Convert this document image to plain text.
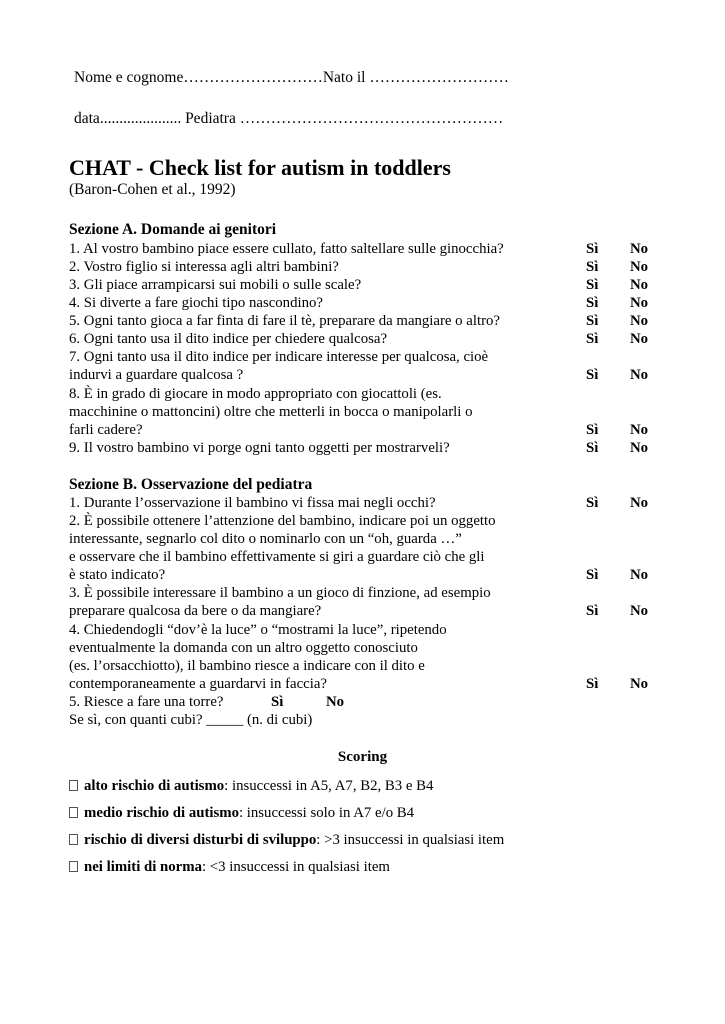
Nome e cognome………………………Nato il ………………………
data..................... Pediatra ……………………………………………
CHAT - Check list for autism in toddlers
(Baron-Cohen et al., 1992)
Sezione A. Domande ai genitori
1. Al vostro bambino piace essere cullato, fatto saltellare sulle ginocchia?	Sì No
2. Vostro figlio si interessa agli altri bambini?	Sì No
3. Gli piace arrampicarsi sui mobili o sulle scale?	Sì No
4. Si diverte a fare giochi tipo nascondino?	Sì No
5. Ogni tanto gioca a far finta di fare il tè, preparare da mangiare o altro?	Sì No
6. Ogni tanto usa il dito indice per chiedere qualcosa?	Sì No
7. Ogni tanto usa il dito indice per indicare interesse per qualcosa, cioè
indurvi a guardare qualcosa ?	Sì No
8. È in grado di giocare in modo appropriato con giocattoli (es.
macchinine o mattoncini) oltre che metterli in bocca o manipolarli o
farli cadere?	Sì No
9. Il vostro bambino vi porge ogni tanto oggetti per mostrarveli?	Sì No
Sezione B. Osservazione del pediatra
1. Durante l’osservazione il bambino vi fissa mai negli occhi?	Sì No
2. È possibile ottenere l’attenzione del bambino, indicare poi un oggetto
interessante, segnarlo col dito o nominarlo con un “oh, guarda …”
e osservare che il bambino effettivamente si giri a guardare ciò che gli
è stato indicato?	Sì No
3. È possibile interessare il bambino a un gioco di finzione, ad esempio
preparare qualcosa da bere o da mangiare?	Sì No
4. Chiedendogli “dov’è la luce” o “mostrami la luce”, ripetendo
eventualmente la domanda con un altro oggetto conosciuto
(es. l’orsacchiotto), il bambino riesce a indicare con il dito e
contemporaneamente a guardarvi in faccia?	Sì No
5. Riesce a fare una torre?	Sì	No
Se sì, con quanti cubi? _____ (n. di cubi)
Scoring
alto rischio di autismo: insuccessi in A5, A7, B2, B3 e B4
medio rischio di autismo: insuccessi solo in A7 e/o B4
rischio di diversi disturbi di sviluppo: >3 insuccessi in qualsiasi item
nei limiti di norma: <3 insuccessi in qualsiasi item
